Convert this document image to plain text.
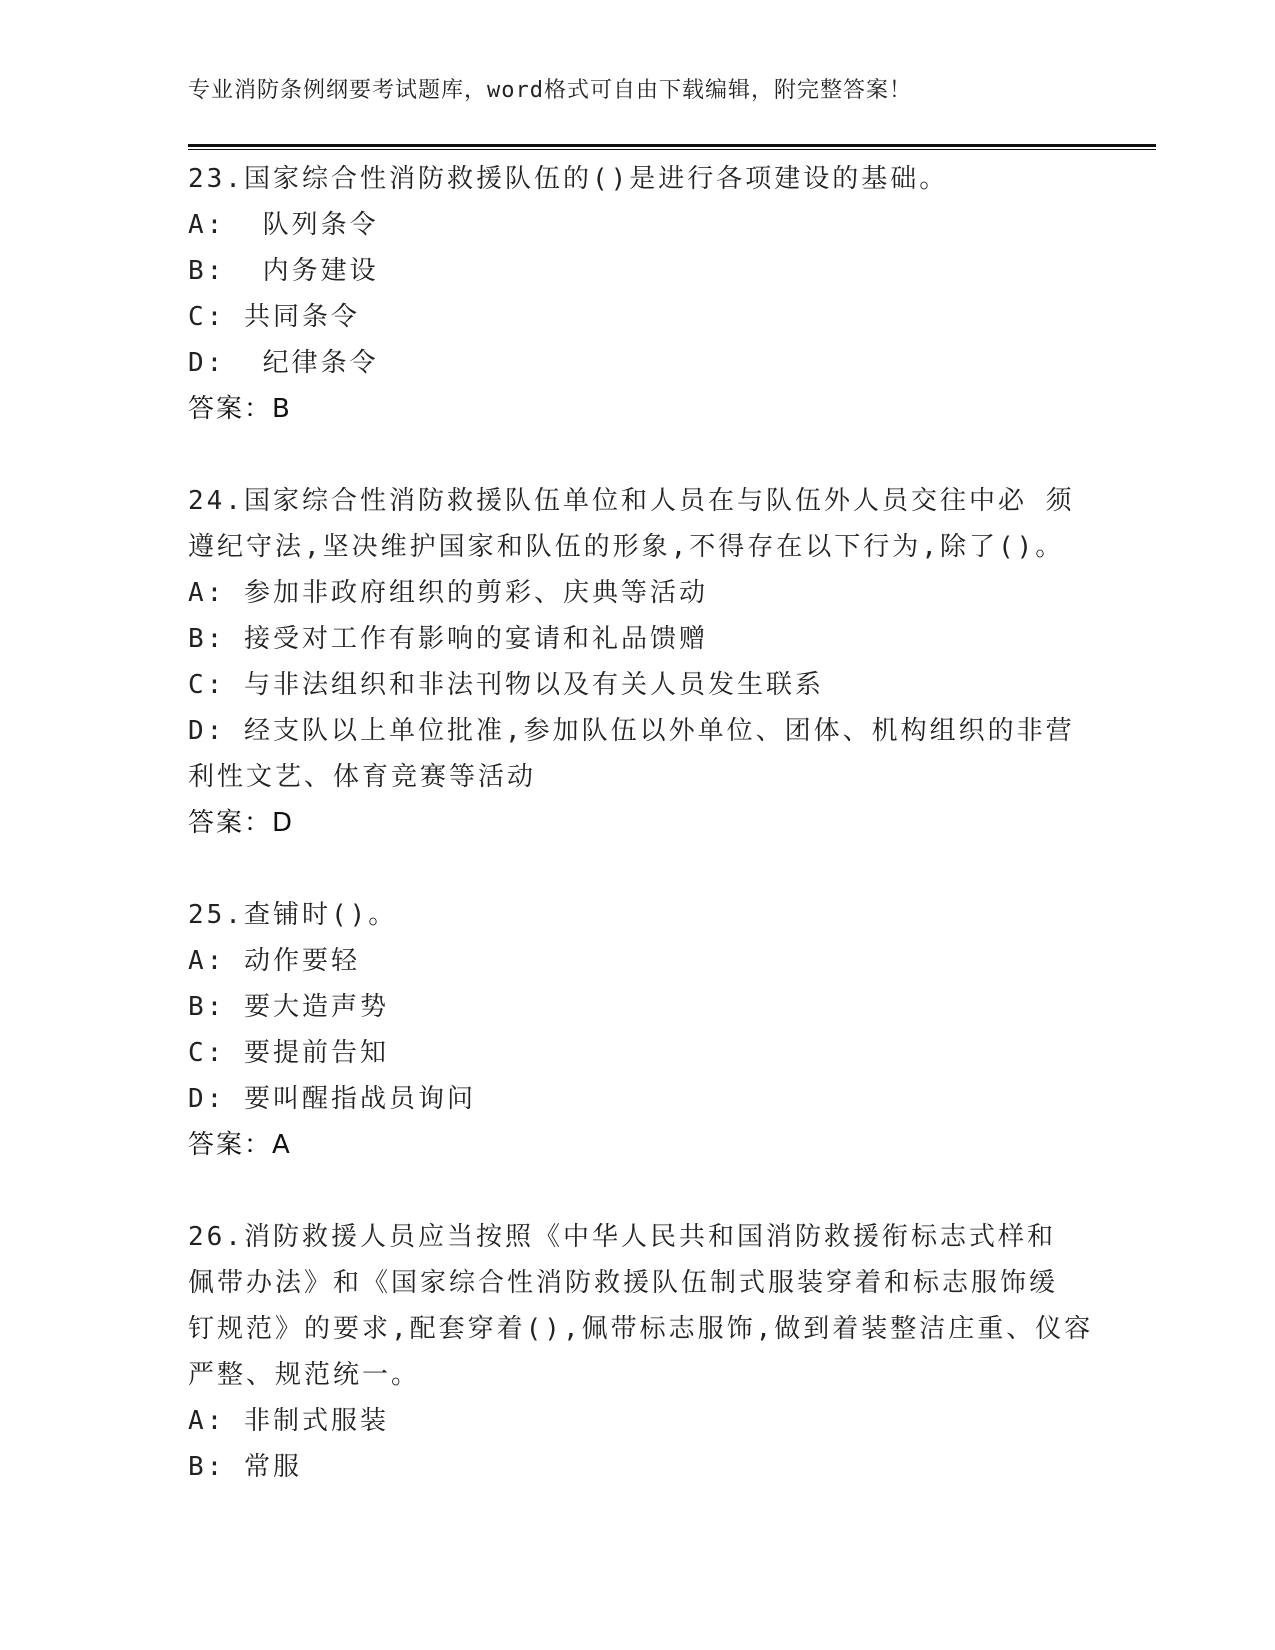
专业消防条例纲要考试题库，word格式可自由下载编辑，附完整答案！
23.国家综合性消防救援队伍的()是进行各项建设的基础。
A:  队列条令
B:  内务建设
C: 共同条令
D:  纪律条令
答案：B
24.国家综合性消防救援队伍单位和人员在与队伍外人员交往中必 须
遵纪守法,坚决维护国家和队伍的形象,不得存在以下行为,除了()。
A: 参加非政府组织的剪彩、庆典等活动
B: 接受对工作有影响的宴请和礼品馈赠
C: 与非法组织和非法刊物以及有关人员发生联系
D: 经支队以上单位批准,参加队伍以外单位、团体、机构组织的非营
利性文艺、体育竞赛等活动
答案：D
25.查铺时()。
A: 动作要轻
B: 要大造声势
C: 要提前告知
D: 要叫醒指战员询问
答案：A
26.消防救援人员应当按照《中华人民共和国消防救援衔标志式样和
佩带办法》和《国家综合性消防救援队伍制式服装穿着和标志服饰缓
钉规范》的要求,配套穿着(),佩带标志服饰,做到着装整洁庄重、仪容
严整、规范统一。
A: 非制式服装
B: 常服
